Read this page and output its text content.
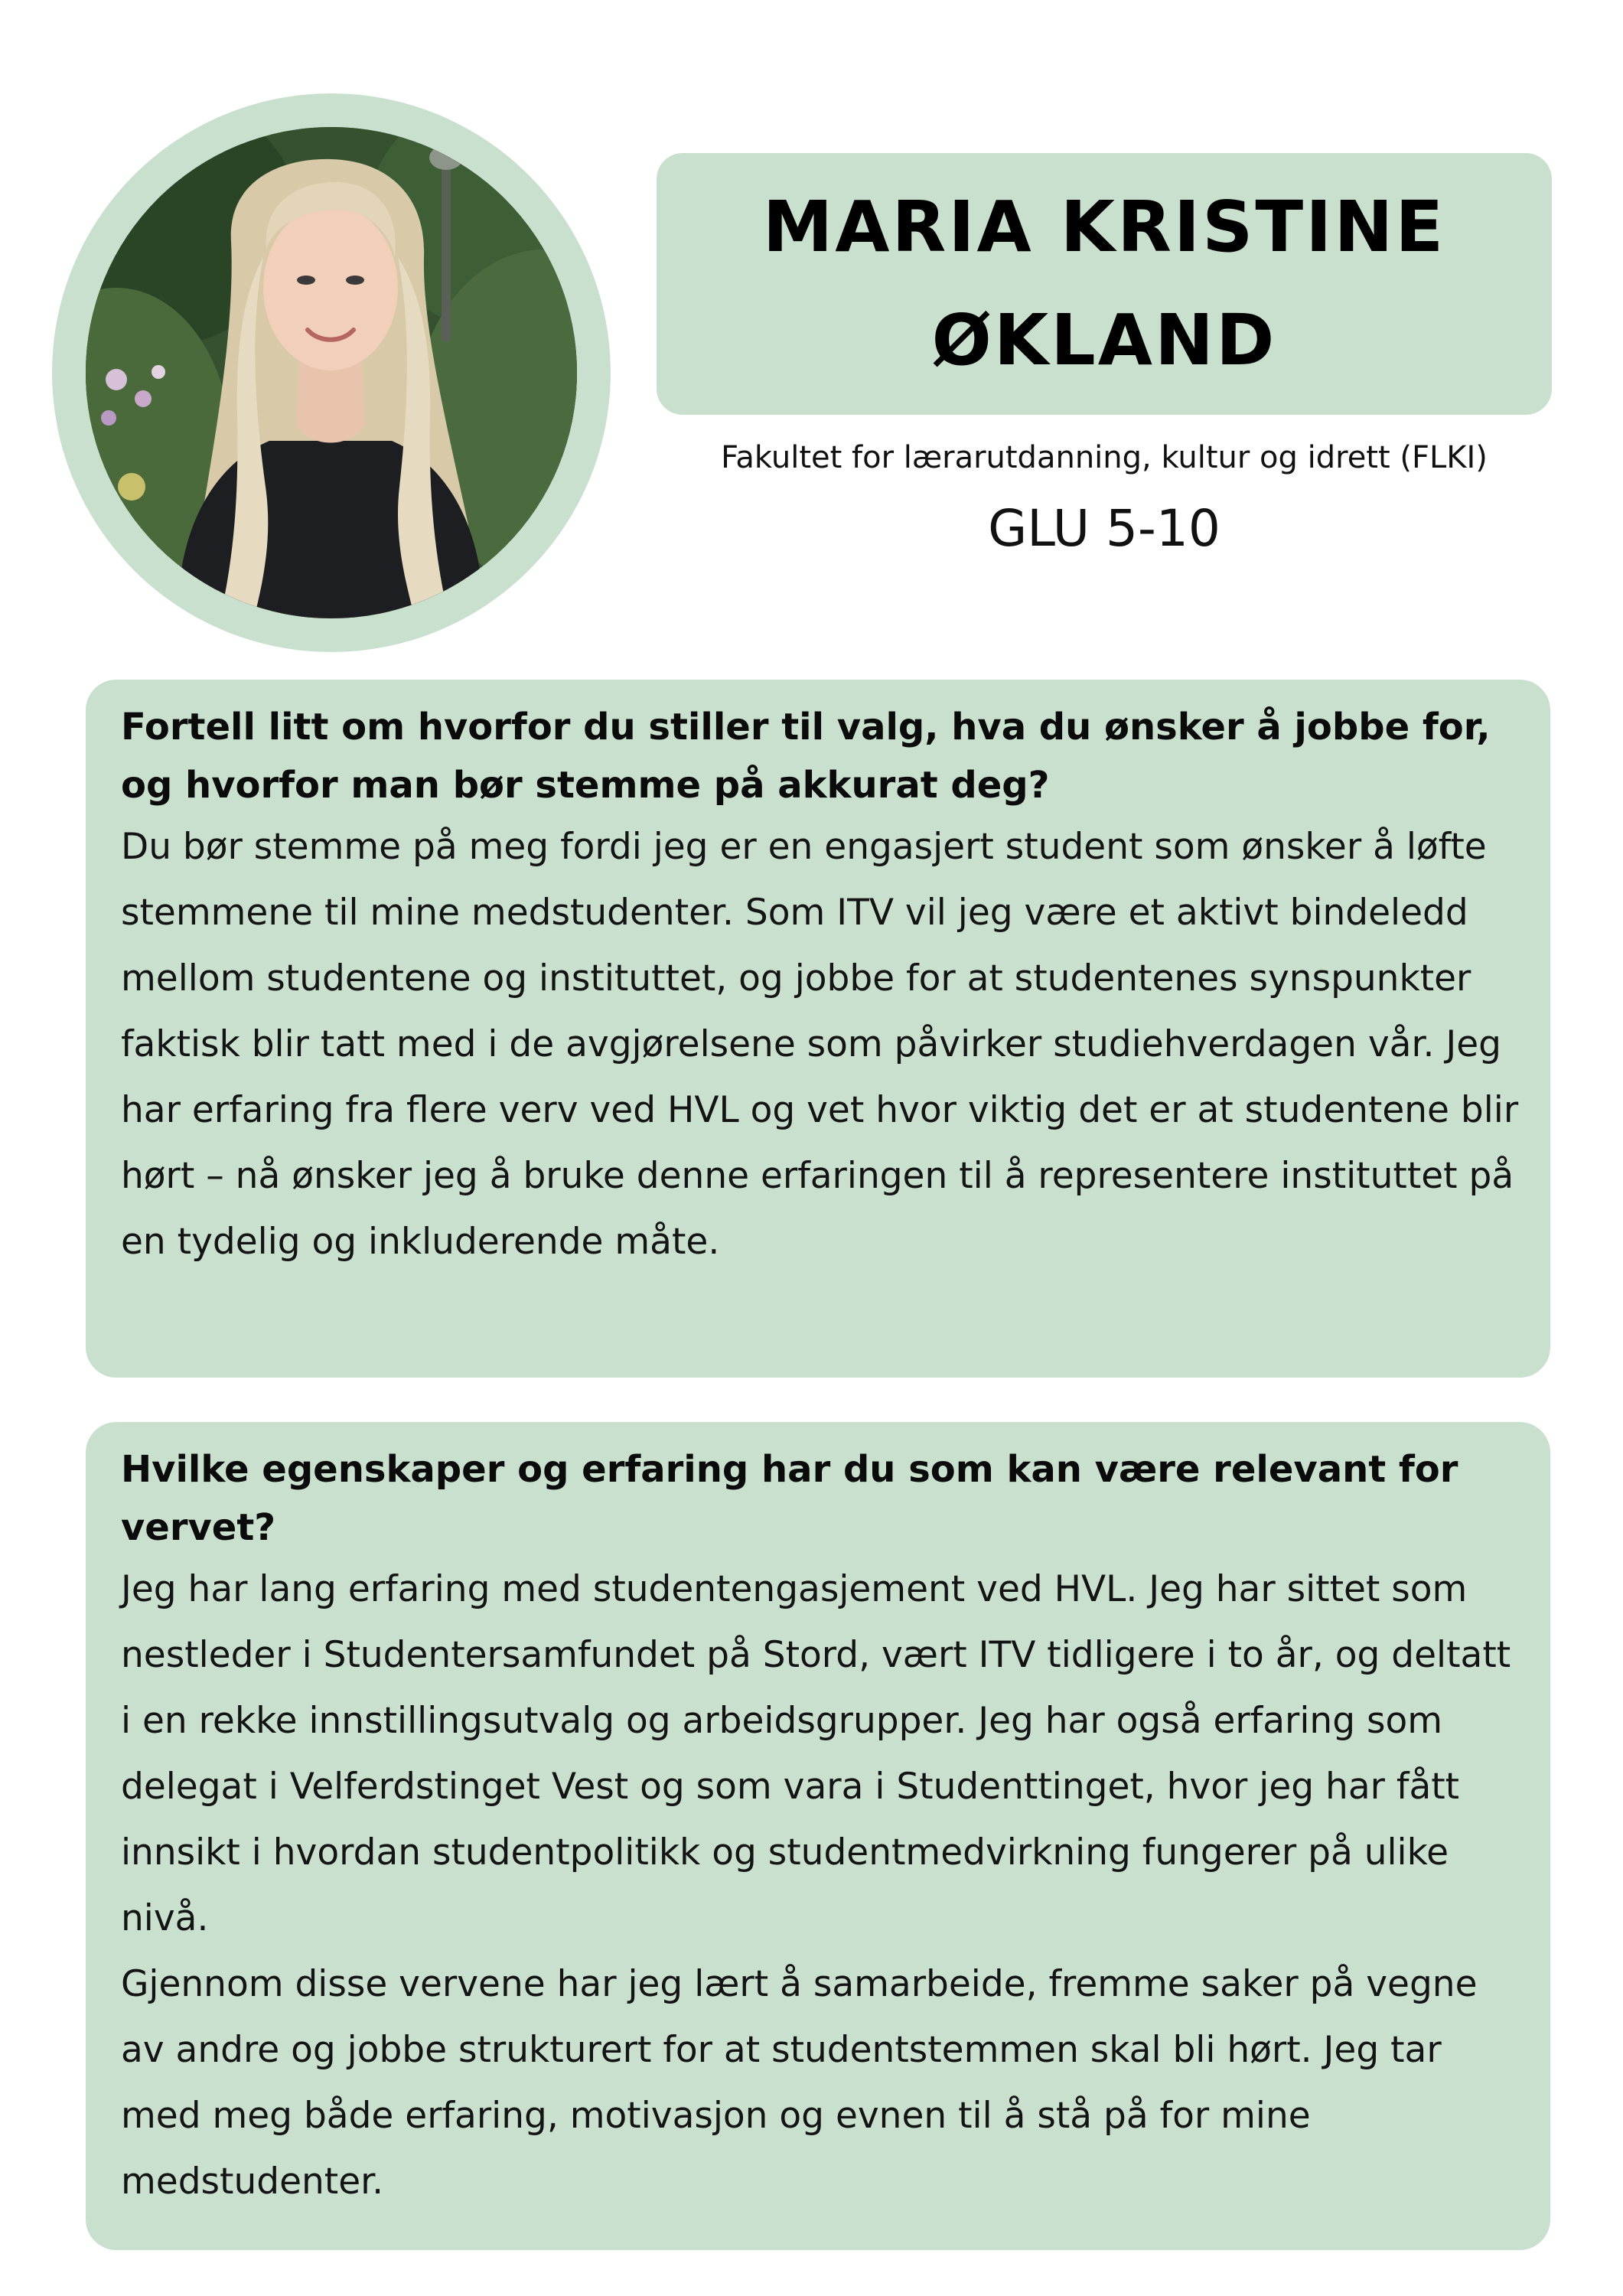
MARIA KRISTINE
ØKLAND
Fakultet for lærarutdanning, kultur og idrett (FLKI)
GLU 5-10

Fortell litt om hvorfor du stiller til valg, hva du ønsker å jobbe for, og hvorfor man bør stemme på akkurat deg?

Du bør stemme på meg fordi jeg er en engasjert student som ønsker å løfte stemmene til mine medstudenter. Som ITV vil jeg være et aktivt bindeledd mellom studentene og instituttet, og jobbe for at studentenes synspunkter faktisk blir tatt med i de avgjørelsene som påvirker studiehverdagen vår. Jeg har erfaring fra flere verv ved HVL og vet hvor viktig det er at studentene blir hørt – nå ønsker jeg å bruke denne erfaringen til å representere instituttet på en tydelig og inkluderende måte.

Hvilke egenskaper og erfaring har du som kan være relevant for vervet?

Jeg har lang erfaring med studentengasjement ved HVL. Jeg har sittet som nestleder i Studentersamfundet på Stord, vært ITV tidligere i to år, og deltatt i en rekke innstillingsutvalg og arbeidsgrupper. Jeg har også erfaring som delegat i Velferdstinget Vest og som vara i Studenttinget, hvor jeg har fått innsikt i hvordan studentpolitikk og studentmedvirkning fungerer på ulike nivå.

Gjennom disse vervene har jeg lært å samarbeide, fremme saker på vegne av andre og jobbe strukturert for at studentstemmen skal bli hørt. Jeg tar med meg både erfaring, motivasjon og evnen til å stå på for mine medstudenter.
